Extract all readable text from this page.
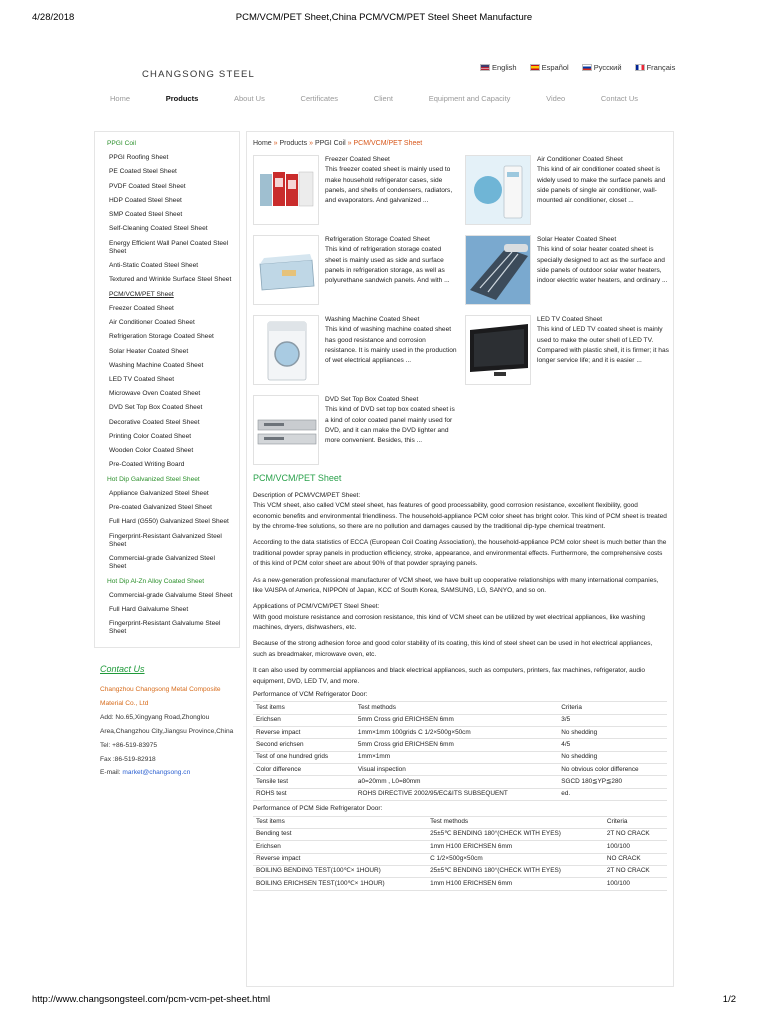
4/28/2018	PCM/VCM/PET Sheet,China PCM/VCM/PET Steel Sheet Manufacture
CHANGSONG STEEL
English	Español	Русский	Français
Home	Products	About Us	Certificates	Client	Equipment and Capacity	Video	Contact Us
PPGI Coil
PPGI Roofing Sheet
PE Coated Steel Sheet
PVDF Coated Steel Sheet
HDP Coated Steel Sheet
SMP Coated Steel Sheet
Self-Cleaning Coated Steel Sheet
Energy Efficient Wall Panel Coated Steel Sheet
Anti-Static Coated Steel Sheet
Textured and Wrinkle Surface Steel Sheet
PCM/VCM/PET Sheet
Freezer Coated Sheet
Air Conditioner Coated Sheet
Refrigeration Storage Coated Sheet
Solar Heater Coated Sheet
Washing Machine Coated Sheet
LED TV Coated Sheet
Microwave Oven Coated Sheet
DVD Set Top Box Coated Sheet
Decorative Coated Steel Sheet
Printing Color Coated Sheet
Wooden Color Coated Sheet
Pre-Coated Writing Board
Hot Dip Galvanized Steel Sheet
Appliance Galvanized Steel Sheet
Pre-coated Galvanized Steel Sheet
Full Hard (G550) Galvanized Steel Sheet
Fingerprint-Resistant Galvanized Steel Sheet
Commercial-grade Galvanized Steel Sheet
Hot Dip Al-Zn Alloy Coated Sheet
Commercial-grade Galvalume Steel Sheet
Full Hard Galvalume Sheet
Fingerprint-Resistant Galvalume Steel Sheet
Contact Us
Changzhou Changsong Metal Composite Material Co., Ltd
Add: No.65,Xingyang Road,Zhonglou Area,Changzhou City,Jiangsu Province,China
Tel: +86-519-83975
Fax :86-519-82918
E-mail: market@changsong.cn
Home » Products » PPGI Coil » PCM/VCM/PET Sheet
Freezer Coated Sheet
This freezer coated sheet is mainly used to make household refrigerator cases, side panels, and shells of condensers, radiators, and evaporators. And galvanized ...
Air Conditioner Coated Sheet
This kind of air conditioner coated sheet is widely used to make the surface panels and side panels of single air conditioner, wall-mounted air conditioner, closet ...
Refrigeration Storage Coated Sheet
This kind of refrigeration storage coated sheet is mainly used as side and surface panels in refrigeration storage, as well as polyurethane sandwich panels. And with ...
Solar Heater Coated Sheet
This kind of solar heater coated sheet is specially designed to act as the surface and side panels of outdoor solar water heaters, indoor electric water heaters, and ordinary ...
Washing Machine Coated Sheet
This kind of washing machine coated sheet has good resistance and corrosion resistance. It is mainly used in the production of wet electrical appliances ...
LED TV Coated Sheet
This kind of LED TV coated sheet is mainly used to make the outer shell of LED TV. Compared with plastic shell, it is firmer; it has longer service life; and it is easier ...
DVD Set Top Box Coated Sheet
This kind of DVD set top box coated sheet is a kind of color coated panel mainly used for DVD, and it can make the DVD lighter and more convenient. Besides, this ...
PCM/VCM/PET Sheet
Description of PCM/VCM/PET Sheet:
This VCM sheet, also called VCM steel sheet, has features of good processability, good corrosion resistance, excellent flexibility, good economic benefits and environmental friendliness. The household-appliance PCM color sheet has bright color. This kind of PCM sheet is treated by the chrome-free solutions, so there are no pollution and damages caused by the traditional dip-type chemical treatment.
According to the data statistics of ECCA (European Coil Coating Association), the household-appliance PCM color sheet is much better than the traditional powder spray panels in production efficiency, stroke, appearance, and environmental effects. Furthermore, the comprehensive costs of this kind of PCM color sheet are about 90% of that powder spraying panels.
As a new-generation professional manufacturer of VCM sheet, we have built up cooperative relationships with many international companies, like VAISPA of America, NIPPON of Japan, KCC of South Korea, SAMSUNG, LG, SANYO, and so on.
Applications of PCM/VCM/PET Steel Sheet:
With good moisture resistance and corrosion resistance, this kind of VCM sheet can be utilized by wet electrical appliances, like washing machines, dryers, dishwashers, etc.
Because of the strong adhesion force and good color stability of its coating, this kind of steel sheet can be used in hot electrical appliances, such as breadmaker, microwave oven, etc.
It can also used by commercial appliances and black electrical appliances, such as computers, printers, fax machines, refrigerator, audio equipment, DVD, LED TV, and more.
Performance of VCM Refrigerator Door:
Test items	Test methods	Criteria
Erichsen	5mm Cross grid ERICHSEN 6mm	3/5
Reverse impact	1mm×1mm 100grids C 1/2×500g×50cm	No shedding
Second erichsen	5mm Cross grid ERICHSEN 6mm	4/5
Test of one hundred grids	1mm×1mm	No shedding
Color difference	Visual inspection	No obvious color difference
Tensile test	a0=20mm , L0=80mm	SGCD 180≦YP≦280
ROHS test	ROHS DIRECTIVE 2002/95/EC&ITS SUBSEQUENT	ed.
Performance of PCM Side Refrigerator Door:
Test items	Test methods	Criteria
Bending test	25±5℃ BENDING 180°(CHECK WITH EYES)	2T NO CRACK
Erichsen	1mm H100 ERICHSEN 6mm	100/100
Reverse impact	C 1/2×500g×50cm	NO CRACK
BOILING BENDING TEST(100℃× 1HOUR)	25±5℃ BENDING 180°(CHECK WITH EYES)	2T NO CRACK
BOILING ERICHSEN TEST(100℃× 1HOUR)	1mm H100 ERICHSEN 6mm	100/100
http://www.changsongsteel.com/pcm-vcm-pet-sheet.html	1/2
